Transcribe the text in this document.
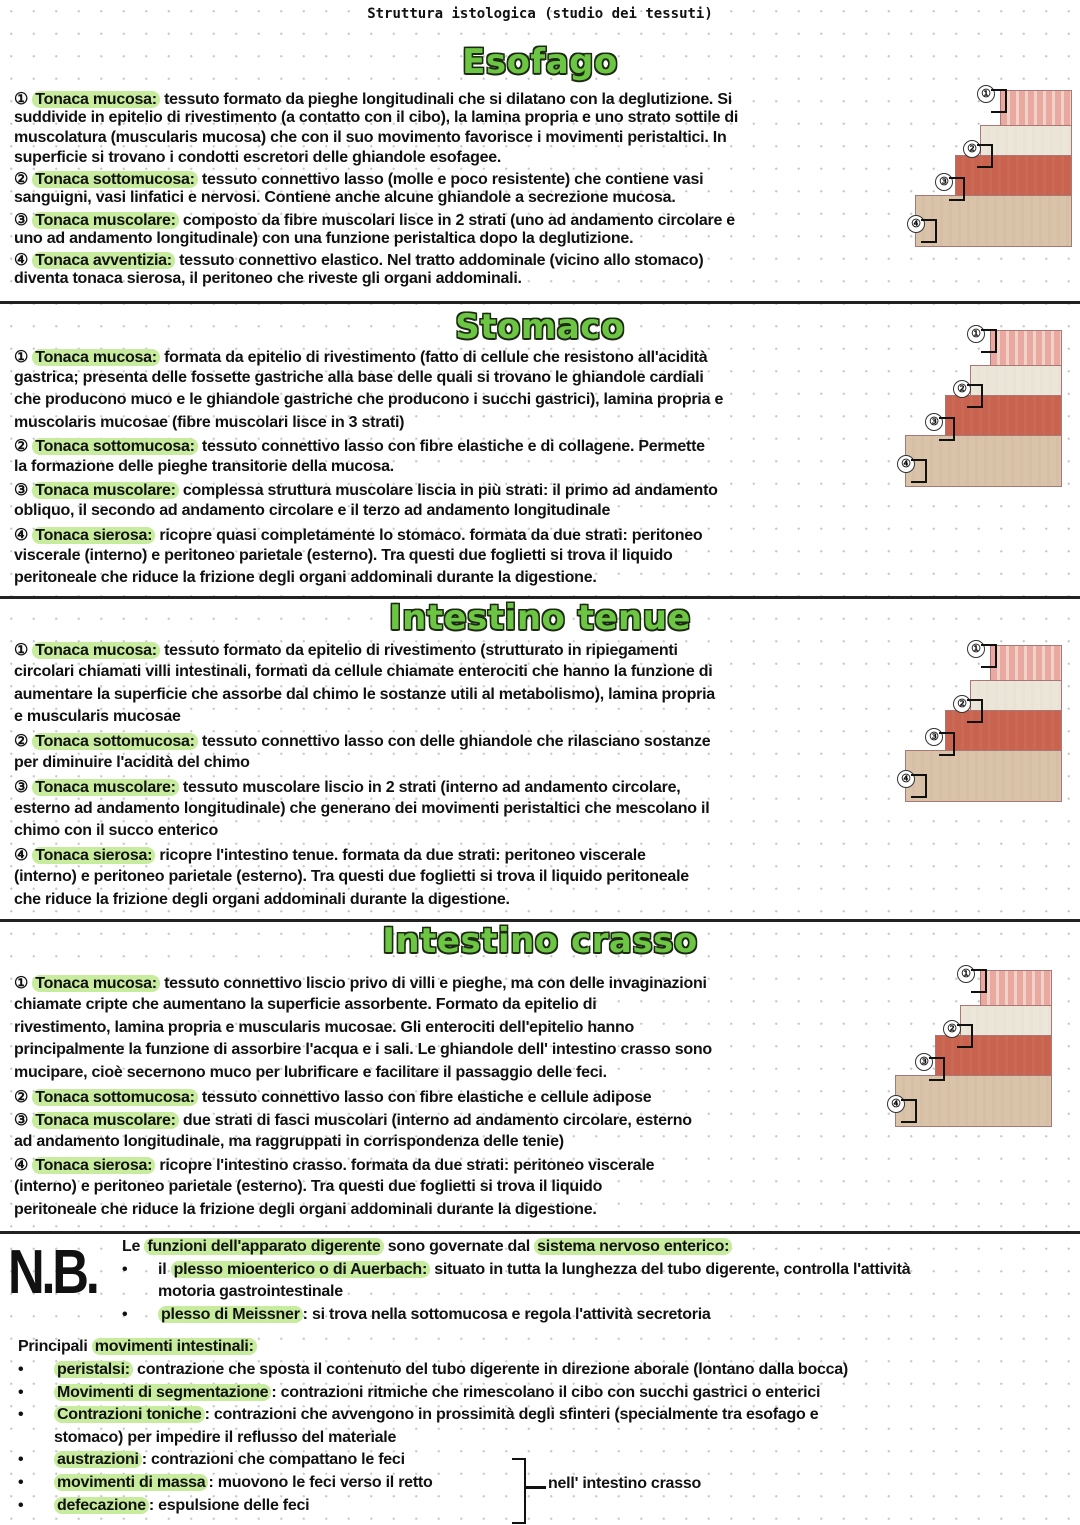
Struttura istologica (studio dei tessuti)
Esofago
① Tonaca mucosa: tessuto formato da pieghe longitudinali che si dilatano con la deglutizione. Si
suddivide in epitelio di rivestimento (a contatto con il cibo), la lamina propria e uno strato sottile di
muscolatura (muscularis mucosa) che con il suo movimento favorisce i movimenti peristaltici. In
superficie si trovano i condotti escretori delle ghiandole esofagee.
② Tonaca sottomucosa: tessuto connettivo lasso (molle e poco resistente) che contiene vasi
sanguigni, vasi linfatici e nervosi. Contiene anche alcune ghiandole a secrezione mucosa.
③ Tonaca muscolare: composto da fibre muscolari lisce in 2 strati (uno ad andamento circolare e
uno ad andamento longitudinale) con una funzione peristaltica dopo la deglutizione.
④ Tonaca avventizia: tessuto connettivo elastico. Nel tratto addominale (vicino allo stomaco)
diventa tonaca sierosa, il peritoneo che riveste gli organi addominali.
①
②
③
④
Stomaco
① Tonaca mucosa: formata da epitelio di rivestimento (fatto di cellule che resistono all'acidità
gastrica; presenta delle fossette gastriche alla base delle quali si trovano le ghiandole cardiali
che producono muco e le ghiandole gastriche che producono i succhi gastrici), lamina propria e
muscolaris mucosae (fibre muscolari lisce in 3 strati)
② Tonaca sottomucosa: tessuto connettivo lasso con fibre elastiche e di collagene. Permette
la formazione delle pieghe transitorie della mucosa.
③ Tonaca muscolare: complessa struttura muscolare liscia in più strati: il primo ad andamento
obliquo, il secondo ad andamento circolare e il terzo ad andamento longitudinale
④ Tonaca sierosa: ricopre quasi completamente lo stomaco. formata da due strati: peritoneo
viscerale (interno) e peritoneo parietale (esterno). Tra questi due foglietti si trova il liquido
peritoneale che riduce la frizione degli organi addominali durante la digestione.
①
②
③
④
Intestino tenue
① Tonaca mucosa: tessuto formato da epitelio di rivestimento (strutturato in ripiegamenti
circolari chiamati villi intestinali, formati da cellule chiamate enterociti che hanno la funzione di
aumentare la superficie che assorbe dal chimo le sostanze utili al metabolismo), lamina propria
e muscularis mucosae
② Tonaca sottomucosa: tessuto connettivo lasso con delle ghiandole che rilasciano sostanze
per diminuire l'acidità del chimo
③ Tonaca muscolare: tessuto muscolare liscio in 2 strati (interno ad andamento circolare,
esterno ad andamento longitudinale) che generano dei movimenti peristaltici che mescolano il
chimo con il succo enterico
④ Tonaca sierosa: ricopre l'intestino tenue. formata da due strati: peritoneo viscerale
(interno) e peritoneo parietale (esterno). Tra questi due foglietti si trova il liquido peritoneale
che riduce la frizione degli organi addominali durante la digestione.
①
②
③
④
Intestino crasso
① Tonaca mucosa: tessuto connettivo liscio privo di villi e pieghe, ma con delle invaginazioni
chiamate cripte che aumentano la superficie assorbente. Formato da epitelio di
rivestimento, lamina propria e muscularis mucosae. Gli enterociti dell'epitelio hanno
principalmente la funzione di assorbire l'acqua e i sali. Le ghiandole dell' intestino crasso sono
mucipare, cioè secernono muco per lubrificare e facilitare il passaggio delle feci.
② Tonaca sottomucosa: tessuto connettivo lasso con fibre elastiche e cellule adipose
③ Tonaca muscolare: due strati di fasci muscolari (interno ad andamento circolare, esterno
ad andamento longitudinale, ma raggruppati in corrispondenza delle tenie)
④ Tonaca sierosa: ricopre l'intestino crasso. formata da due strati: peritoneo viscerale
(interno) e peritoneo parietale (esterno). Tra questi due foglietti si trova il liquido
peritoneale che riduce la frizione degli organi addominali durante la digestione.
①
②
③
④
N.B. Le funzioni dell'apparato digerente sono governate dal sistema nervoso enterico:
• il plesso mioenterico o di Auerbach: situato in tutta la lunghezza del tubo digerente, controlla l'attività
motoria gastrointestinale
• plesso di Meissner : si trova nella sottomucosa e regola l'attività secretoria
Principali movimenti intestinali:
• peristalsi: contrazione che sposta il contenuto del tubo digerente in direzione aborale (lontano dalla bocca)
• Movimenti di segmentazione : contrazioni ritmiche che rimescolano il cibo con succhi gastrici o enterici
• Contrazioni toniche : contrazioni che avvengono in prossimità degli sfinteri (specialmente tra esofago e
stomaco) per impedire il reflusso del materiale
• austrazioni : contrazioni che compattano le feci
• movimenti di massa : muovono le feci verso il retto
• defecazione : espulsione delle feci
nell' intestino crasso
